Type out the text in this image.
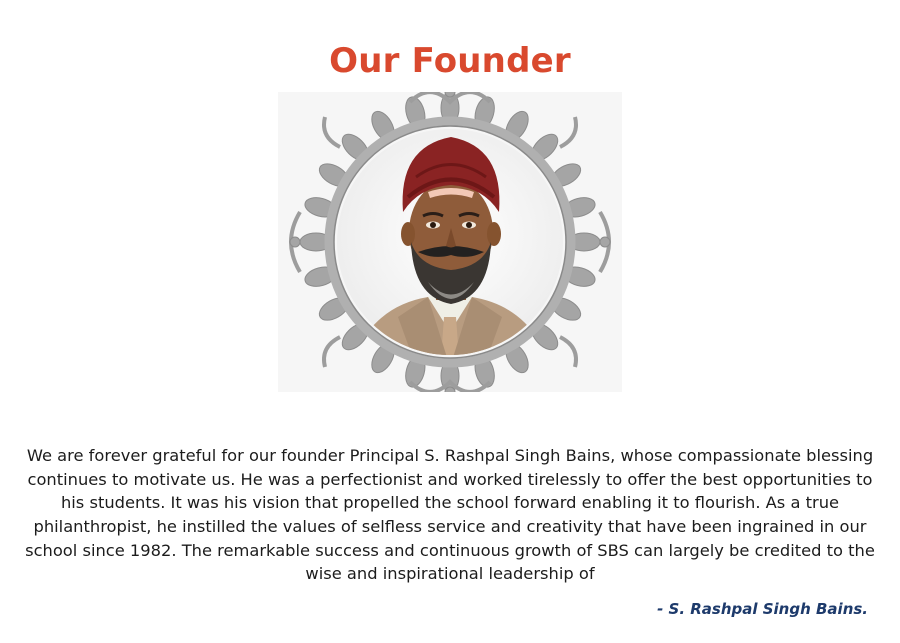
Our Founder

We are forever grateful for our founder Principal S. Rashpal Singh Bains, whose compassionate blessing continues to motivate us. He was a perfectionist and worked tirelessly to offer the best opportunities to his students. It was his vision that propelled the school forward enabling it to flourish. As a true philanthropist, he instilled the values of selfless service and creativity that have been ingrained in our school since 1982. The remarkable success and continuous growth of SBS can largely be credited to the wise and inspirational leadership of

- S. Rashpal Singh Bains.
